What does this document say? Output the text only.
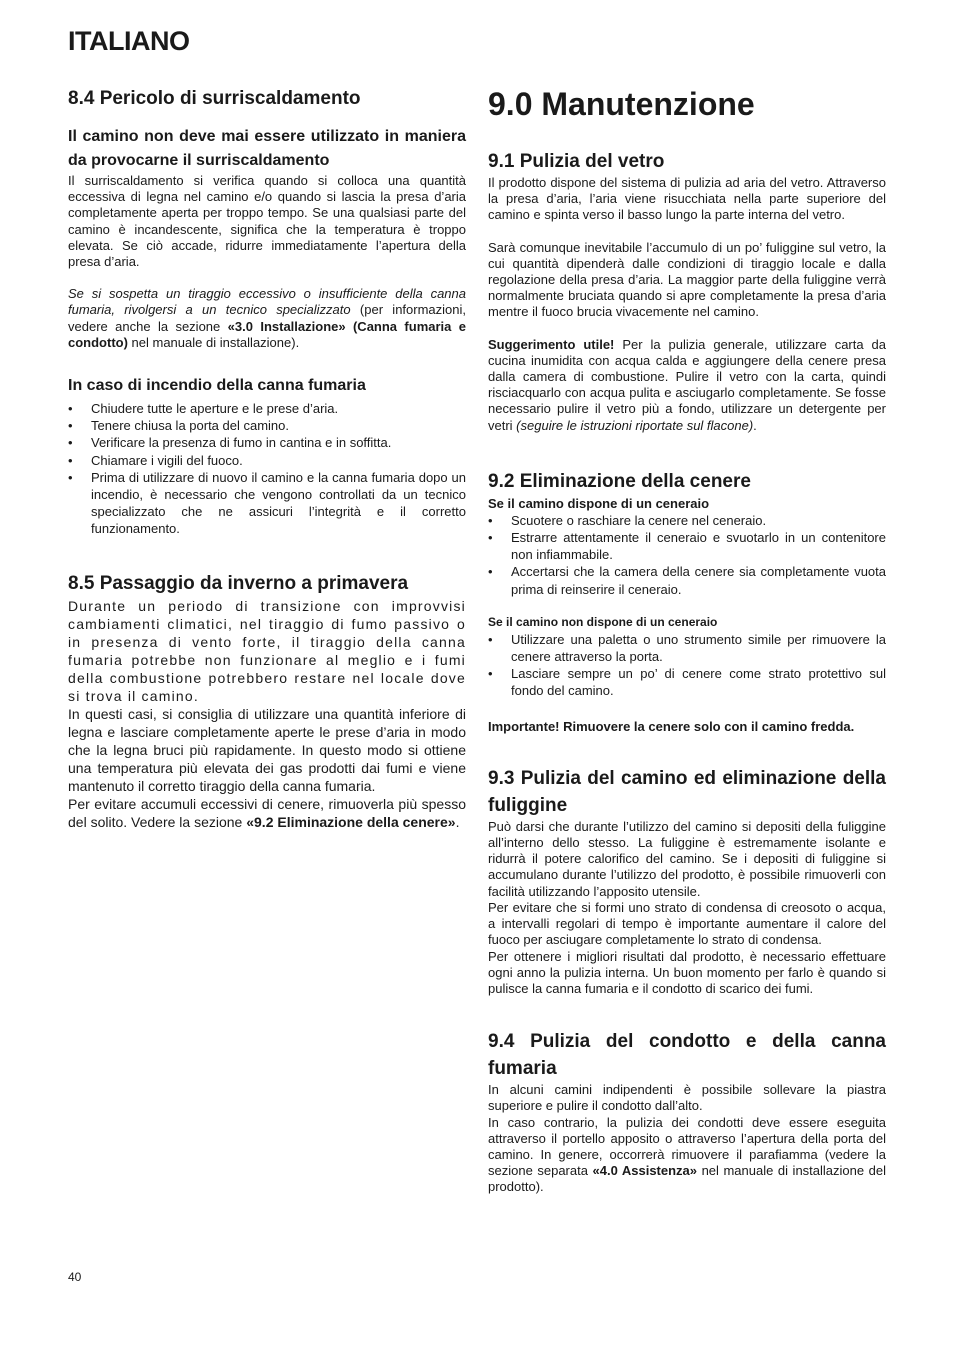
ITALIANO
8.4 Pericolo di surriscaldamento
Il camino non deve mai essere utilizzato in maniera da provocarne il surriscaldamento

Il surriscaldamento si verifica quando si colloca una quantità eccessiva di legna nel camino e/o quando si lascia la presa d’aria completamente aperta per troppo tempo. Se una qualsiasi parte del camino è incandescente, significa che la temperatura è troppo elevata. Se ciò accade, ridurre immediatamente l’apertura della presa d’aria.

Se si sospetta un tiraggio eccessivo o insufficiente della canna fumaria, rivolgersi a un tecnico specializzato (per informazioni, vedere anche la sezione «3.0 Installazione» (Canna fumaria e condotto) nel manuale di installazione).

In caso di incendio della canna fumaria
• Chiudere tutte le aperture e le prese d’aria.
• Tenere chiusa la porta del camino.
• Verificare la presenza di fumo in cantina e in soffitta.
• Chiamare i vigili del fuoco.
• Prima di utilizzare di nuovo il camino e la canna fumaria dopo un incendio, è necessario che vengono controllati da un tecnico specializzato che ne assicuri l’integrità e il corretto funzionamento.
8.5 Passaggio da inverno a primavera

Durante un periodo di transizione con improvvisi cambiamenti climatici, nel tiraggio di fumo passivo o in presenza di vento forte, il tiraggio della canna fumaria potrebbe non funzionare al meglio e i fumi della combustione potrebbero restare nel locale dove si trova il camino.

In questi casi, si consiglia di utilizzare una quantità inferiore di legna e lasciare completamente aperte le prese d’aria in modo che la legna bruci più rapidamente. In questo modo si ottiene una temperatura più elevata dei gas prodotti dai fumi e viene mantenuto il corretto tiraggio della canna fumaria.

Per evitare accumuli eccessivi di cenere, rimuoverla più spesso del solito. Vedere la sezione «9.2 Eliminazione della cenere».

9.0 Manutenzione
9.1 Pulizia del vetro

Il prodotto dispone del sistema di pulizia ad aria del vetro. Attraverso la presa d’aria, l’aria viene risucchiata nella parte superiore del camino e spinta verso il basso lungo la parte interna del vetro.

Sarà comunque inevitabile l’accumulo di un po’ fuliggine sul vetro, la cui quantità dipenderà dalle condizioni di tiraggio locale e dalla regolazione della presa d’aria. La maggior parte della fuliggine verrà normalmente bruciata quando si apre completamente la presa d’aria mentre il fuoco brucia vivacemente nel camino.

Suggerimento utile! Per la pulizia generale, utilizzare carta da cucina inumidita con acqua calda e aggiungere della cenere presa dalla camera di combustione. Pulire il vetro con la carta, quindi risciacquarlo con acqua pulita e asciugarlo completamente. Se fosse necessario pulire il vetro più a fondo, utilizzare un detergente per vetri (seguire le istruzioni riportate sul flacone).

9.2 Eliminazione della cenere
Se il camino dispone di un ceneraio
• Scuotere o raschiare la cenere nel ceneraio.
• Estrarre attentamente il ceneraio e svuotarlo in un contenitore non infiammabile.
• Accertarsi che la camera della cenere sia completamente vuota prima di reinserire il ceneraio.
Se il camino non dispone di un ceneraio
• Utilizzare una paletta o uno strumento simile per rimuovere la cenere attraverso la porta.
• Lasciare sempre un po’ di cenere come strato protettivo sul fondo del camino.

Importante! Rimuovere la cenere solo con il camino fredda.

9.3 Pulizia del camino ed eliminazione della fuliggine

Può darsi che durante l’utilizzo del camino si depositi della fuliggine all’interno dello stesso. La fuliggine è estremamente isolante e ridurrà il potere calorifico del camino. Se i depositi di fuliggine si accumulano durante l’utilizzo del prodotto, è possibile rimuoverli con facilità utilizzando l’apposito utensile.

Per evitare che si formi uno strato di condensa di creosoto o acqua, a intervalli regolari di tempo è importante aumentare il calore del fuoco per asciugare completamente lo strato di condensa.

Per ottenere i migliori risultati dal prodotto, è necessario effettuare ogni anno la pulizia interna. Un buon momento per farlo è quando si pulisce la canna fumaria e il condotto di scarico dei fumi.

9.4 Pulizia del condotto e della canna fumaria

In alcuni camini indipendenti è possibile sollevare la piastra superiore e pulire il condotto dall’alto.

In caso contrario, la pulizia dei condotti deve essere eseguita attraverso il portello apposito o attraverso l’apertura della porta del camino. In genere, occorrerà rimuovere il parafiamma (vedere la sezione separata «4.0 Assistenza» nel manuale di installazione del prodotto).

40
